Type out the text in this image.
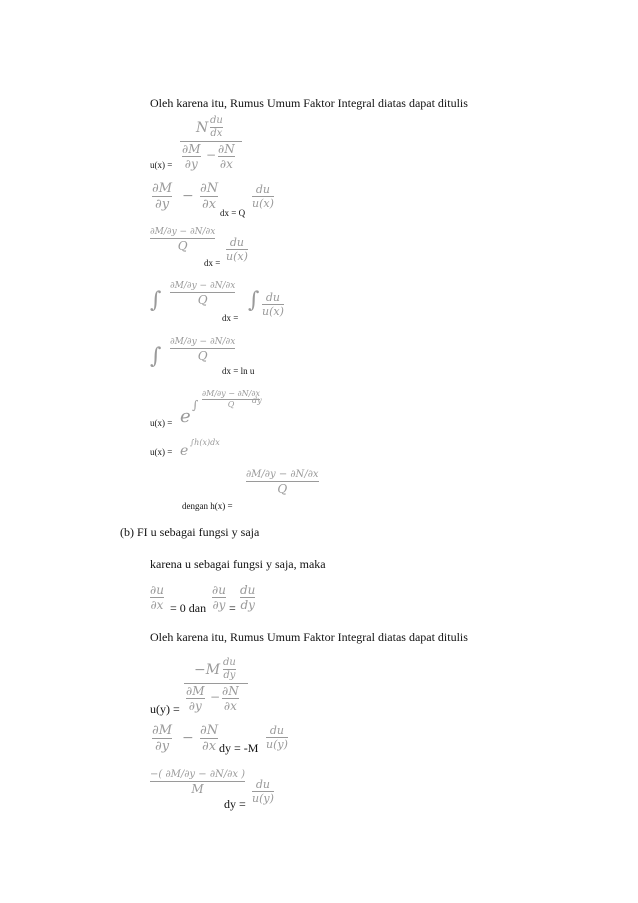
Oleh karena itu, Rumus Umum Faktor Integral diatas dapat ditulis
u(x) =
N du
dx
∂M
∂y
− ∂N
∂x
∂M
∂y
− ∂N
∂x
dx = Q
du
u(x)
∂M/∂y − ∂N/∂x
Q
dx =
du
u(x)
∫
∂M/∂y − ∂N/∂x
Q
dx =
∫ du
u(x)
∫
∂M/∂y − ∂N/∂x
Q
dx = ln u
u(x) = e
∫
∂M/∂y − ∂N/∂x
Q dy
u(x) = e
∫h(x)dx
dengan h(x) =
∂M/∂y − ∂N/∂x
Q
(b) FI u sebagai fungsi y saja
karena u sebagai fungsi y saja, maka
∂u
∂x = 0 dan
∂u
∂y =
du
dy
Oleh karena itu, Rumus Umum Faktor Integral diatas dapat ditulis
u(y) =
−M du
dy
∂M
∂y
− ∂N
∂x
∂M
∂y
− ∂N
∂x dy = -M
du
u(y)
−( ∂M/∂y − ∂N/∂x )
M
dy =
du
u(y)
